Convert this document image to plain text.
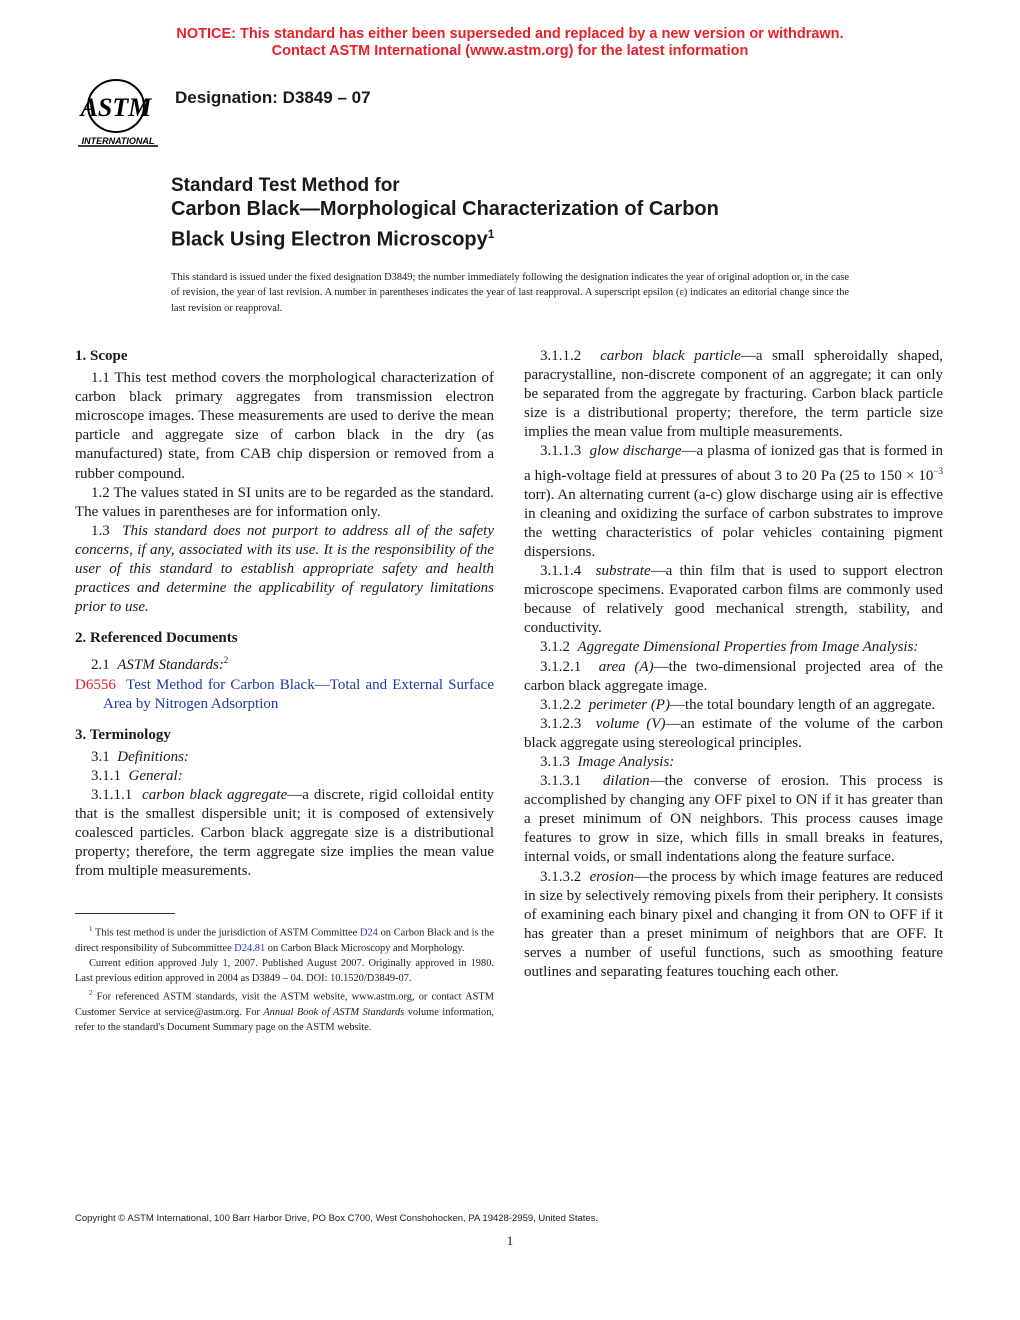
NOTICE: This standard has either been superseded and replaced by a new version or withdrawn.
Contact ASTM International (www.astm.org) for the latest information
ASTM
INTERNATIONAL
Designation: D3849 – 07
Standard Test Method for
Carbon Black—Morphological Characterization of Carbon
Black Using Electron Microscopy$^1$
This standard is issued under the fixed designation D3849; the number immediately following the designation indicates the year of original adoption or, in the case of revision, the year of last revision. A number in parentheses indicates the year of last reapproval. A superscript epsilon (ε) indicates an editorial change since the last revision or reapproval.
1. Scope

1.1 This test method covers the morphological characterization of carbon black primary aggregates from transmission electron microscope images. These measurements are used to derive the mean particle and aggregate size of carbon black in the dry (as manufactured) state, from CAB chip dispersion or removed from a rubber compound.

1.2 The values stated in SI units are to be regarded as the standard. The values in parentheses are for information only.

1.3 This standard does not purport to address all of the safety concerns, if any, associated with its use. It is the responsibility of the user of this standard to establish appropriate safety and health practices and determine the applicability of regulatory limitations prior to use.

2. Referenced Documents

2.1 ASTM Standards:$^2$

D6556 Test Method for Carbon Black—Total and External Surface Area by Nitrogen Adsorption

3. Terminology

3.1 Definitions:

3.1.1 General:

3.1.1.1 carbon black aggregate—a discrete, rigid colloidal entity that is the smallest dispersible unit; it is composed of extensively coalesced particles. Carbon black aggregate size is a distributional property; therefore, the term aggregate size implies the mean value from multiple measurements.

$^1$ This test method is under the jurisdiction of ASTM Committee D24 on Carbon Black and is the direct responsibility of Subcommittee D24.81 on Carbon Black Microscopy and Morphology.

Current edition approved July 1, 2007. Published August 2007. Originally approved in 1980. Last previous edition approved in 2004 as D3849 – 04. DOI: 10.1520/D3849-07.

$^2$ For referenced ASTM standards, visit the ASTM website, www.astm.org, or contact ASTM Customer Service at service@astm.org. For Annual Book of ASTM Standards volume information, refer to the standard's Document Summary page on the ASTM website.

3.1.1.2 carbon black particle—a small spheroidally shaped, paracrystalline, non-discrete component of an aggregate; it can only be separated from the aggregate by fracturing. Carbon black particle size is a distributional property; therefore, the term particle size implies the mean value from multiple measurements.

3.1.1.3 glow discharge—a plasma of ionized gas that is formed in a high-voltage field at pressures of about 3 to 20 Pa (25 to $150 \times 10^{-3}$ torr). An alternating current (a-c) glow discharge using air is effective in cleaning and oxidizing the surface of carbon substrates to improve the wetting characteristics of polar vehicles containing pigment dispersions.

3.1.1.4 substrate—a thin film that is used to support electron microscope specimens. Evaporated carbon films are commonly used because of relatively good mechanical strength, stability, and conductivity.

3.1.2 Aggregate Dimensional Properties from Image Analysis:

3.1.2.1 area (A)—the two-dimensional projected area of the carbon black aggregate image.

3.1.2.2 perimeter (P)—the total boundary length of an aggregate.

3.1.2.3 volume (V)—an estimate of the volume of the carbon black aggregate using stereological principles.

3.1.3 Image Analysis:

3.1.3.1 dilation—the converse of erosion. This process is accomplished by changing any OFF pixel to ON if it has greater than a preset minimum of ON neighbors. This process causes image features to grow in size, which fills in small breaks in features, internal voids, or small indentations along the feature surface.

3.1.3.2 erosion—the process by which image features are reduced in size by selectively removing pixels from their periphery. It consists of examining each binary pixel and changing it from ON to OFF if it has greater than a preset minimum of neighbors that are OFF. It serves a number of useful functions, such as smoothing feature outlines and separating features touching each other.

Copyright © ASTM International, 100 Barr Harbor Drive, PO Box C700, West Conshohocken, PA 19428-2959, United States.
1
